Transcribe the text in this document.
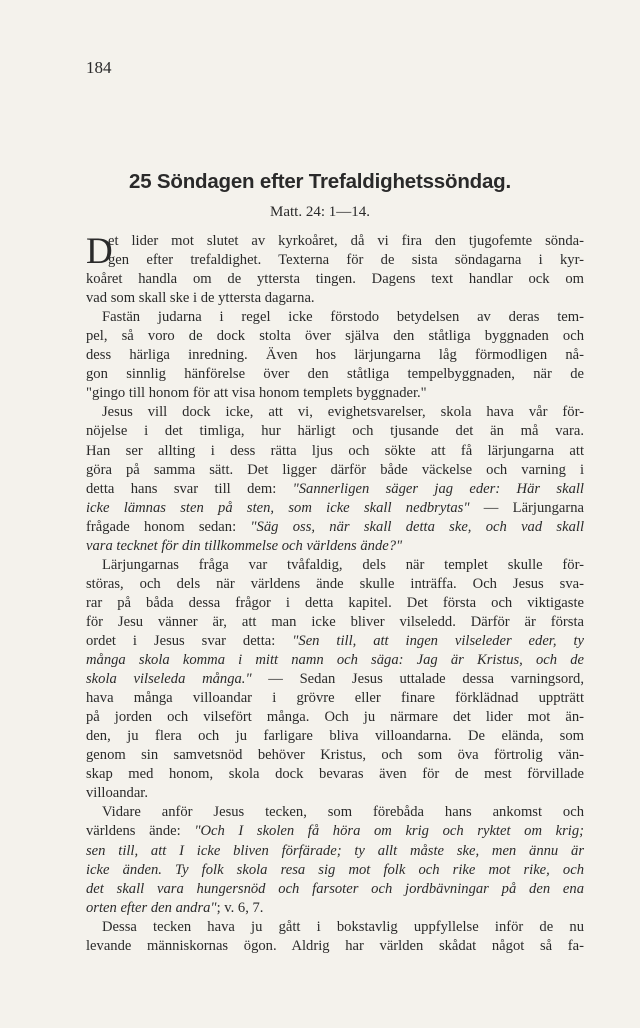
184
25 Söndagen efter Trefaldighetssöndag.
Matt. 24: 1—14.
D
et lider mot slutet av kyrkoåret, då vi fira den tjugofemte sönda-
gen efter trefaldighet. Texterna för de sista söndagarna i kyr-
koåret handla om de yttersta tingen. Dagens text handlar ock om
vad som skall ske i de yttersta dagarna.
Fastän judarna i regel icke förstodo betydelsen av deras tem-
pel, så voro de dock stolta över själva den ståtliga byggnaden och
dess härliga inredning. Även hos lärjungarna låg förmodligen nå-
gon sinnlig hänförelse över den ståtliga tempelbyggnaden, när de
"gingo till honom för att visa honom templets byggnader."
Jesus vill dock icke, att vi, evighetsvarelser, skola hava vår för-
nöjelse i det timliga, hur härligt och tjusande det än må vara.
Han ser allting i dess rätta ljus och sökte att få lärjungarna att
göra på samma sätt. Det ligger därför både väckelse och varning i
detta hans svar till dem: "Sannerligen säger jag eder: Här skall
icke lämnas sten på sten, som icke skall nedbrytas" — Lärjungarna
frågade honom sedan: "Säg oss, när skall detta ske, och vad skall
vara tecknet för din tillkommelse och världens ände?"
Lärjungarnas fråga var tvåfaldig, dels när templet skulle för-
störas, och dels när världens ände skulle inträffa. Och Jesus sva-
rar på båda dessa frågor i detta kapitel. Det första och viktigaste
för Jesu vänner är, att man icke bliver vilseledd. Därför är första
ordet i Jesus svar detta: "Sen till, att ingen vilseleder eder, ty
många skola komma i mitt namn och säga: Jag är Kristus, och de
skola vilseleda många." — Sedan Jesus uttalade dessa varningsord,
hava många villoandar i grövre eller finare förklädnad uppträtt
på jorden och vilsefört många. Och ju närmare det lider mot än-
den, ju flera och ju farligare bliva villoandarna. De elända, som
genom sin samvetsnöd behöver Kristus, och som öva förtrolig vän-
skap med honom, skola dock bevaras även för de mest förvillade
villoandar.
Vidare anför Jesus tecken, som förebåda hans ankomst och
världens ände: "Och I skolen få höra om krig och ryktet om krig;
sen till, att I icke bliven förfärade; ty allt måste ske, men ännu är
icke änden. Ty folk skola resa sig mot folk och rike mot rike, och
det skall vara hungersnöd och farsoter och jordbävningar på den ena
orten efter den andra"; v. 6, 7.
Dessa tecken hava ju gått i bokstavlig uppfyllelse inför de nu
levande människornas ögon. Aldrig har världen skådat något så fa-
